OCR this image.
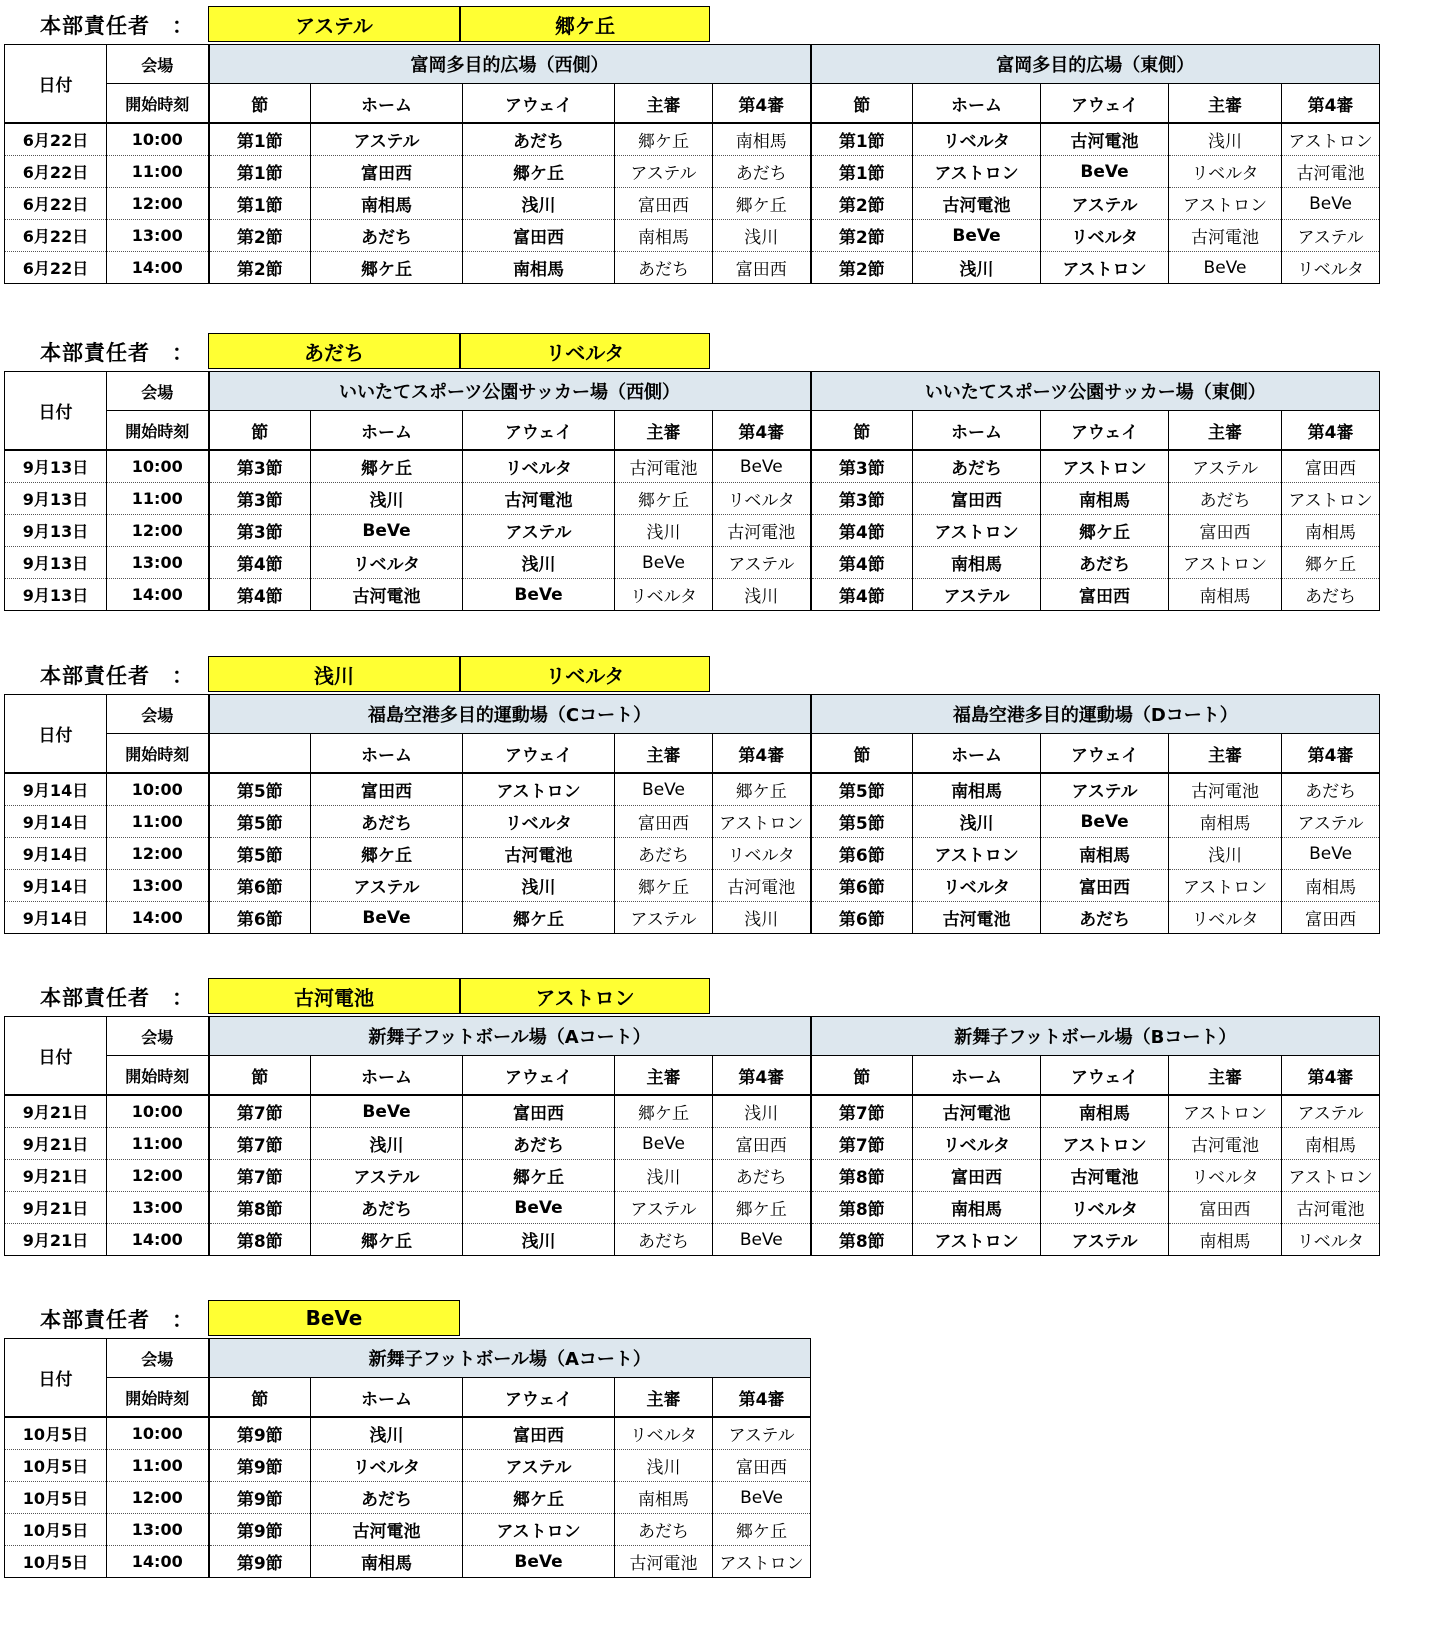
本部責任者　：	アステル	郷ケ丘
日付	会場	富岡多目的広場（西側）					富岡多目的広場（東側）				
	開始時刻	節	ホーム	アウェイ	主審	第4審	節	ホーム	アウェイ	主審	第4審
6月22日	10:00	第1節	アステル	あだち	郷ケ丘	南相馬	第1節	リベルタ	古河電池	浅川	アストロン
6月22日	11:00	第1節	富田西	郷ケ丘	アステル	あだち	第1節	アストロン	BeVe	リベルタ	古河電池
6月22日	12:00	第1節	南相馬	浅川	富田西	郷ケ丘	第2節	古河電池	アステル	アストロン	BeVe
6月22日	13:00	第2節	あだち	富田西	南相馬	浅川	第2節	BeVe	リベルタ	古河電池	アステル
6月22日	14:00	第2節	郷ケ丘	南相馬	あだち	富田西	第2節	浅川	アストロン	BeVe	リベルタ
本部責任者　：	あだち	リベルタ
日付	会場	いいたてスポーツ公園サッカー場（西側）					いいたてスポーツ公園サッカー場（東側）				
	開始時刻	節	ホーム	アウェイ	主審	第4審	節	ホーム	アウェイ	主審	第4審
9月13日	10:00	第3節	郷ケ丘	リベルタ	古河電池	BeVe	第3節	あだち	アストロン	アステル	富田西
9月13日	11:00	第3節	浅川	古河電池	郷ケ丘	リベルタ	第3節	富田西	南相馬	あだち	アストロン
9月13日	12:00	第3節	BeVe	アステル	浅川	古河電池	第4節	アストロン	郷ケ丘	富田西	南相馬
9月13日	13:00	第4節	リベルタ	浅川	BeVe	アステル	第4節	南相馬	あだち	アストロン	郷ケ丘
9月13日	14:00	第4節	古河電池	BeVe	リベルタ	浅川	第4節	アステル	富田西	南相馬	あだち
本部責任者　：	浅川	リベルタ
日付	会場	福島空港多目的運動場（Cコート）					福島空港多目的運動場（Dコート）				
	開始時刻		ホーム	アウェイ	主審	第4審	節	ホーム	アウェイ	主審	第4審
9月14日	10:00	第5節	富田西	アストロン	BeVe	郷ケ丘	第5節	南相馬	アステル	古河電池	あだち
9月14日	11:00	第5節	あだち	リベルタ	富田西	アストロン	第5節	浅川	BeVe	南相馬	アステル
9月14日	12:00	第5節	郷ケ丘	古河電池	あだち	リベルタ	第6節	アストロン	南相馬	浅川	BeVe
9月14日	13:00	第6節	アステル	浅川	郷ケ丘	古河電池	第6節	リベルタ	富田西	アストロン	南相馬
9月14日	14:00	第6節	BeVe	郷ケ丘	アステル	浅川	第6節	古河電池	あだち	リベルタ	富田西
本部責任者　：	古河電池	アストロン
日付	会場	新舞子フットボール場（Aコート）					新舞子フットボール場（Bコート）				
	開始時刻	節	ホーム	アウェイ	主審	第4審	節	ホーム	アウェイ	主審	第4審
9月21日	10:00	第7節	BeVe	富田西	郷ケ丘	浅川	第7節	古河電池	南相馬	アストロン	アステル
9月21日	11:00	第7節	浅川	あだち	BeVe	富田西	第7節	リベルタ	アストロン	古河電池	南相馬
9月21日	12:00	第7節	アステル	郷ケ丘	浅川	あだち	第8節	富田西	古河電池	リベルタ	アストロン
9月21日	13:00	第8節	あだち	BeVe	アステル	郷ケ丘	第8節	南相馬	リベルタ	富田西	古河電池
9月21日	14:00	第8節	郷ケ丘	浅川	あだち	BeVe	第8節	アストロン	アステル	南相馬	リベルタ
本部責任者　：	BeVe
日付	会場	新舞子フットボール場（Aコート）				
	開始時刻	節	ホーム	アウェイ	主審	第4審
10月5日	10:00	第9節	浅川	富田西	リベルタ	アステル
10月5日	11:00	第9節	リベルタ	アステル	浅川	富田西
10月5日	12:00	第9節	あだち	郷ケ丘	南相馬	BeVe
10月5日	13:00	第9節	古河電池	アストロン	あだち	郷ケ丘
10月5日	14:00	第9節	南相馬	BeVe	古河電池	アストロン
